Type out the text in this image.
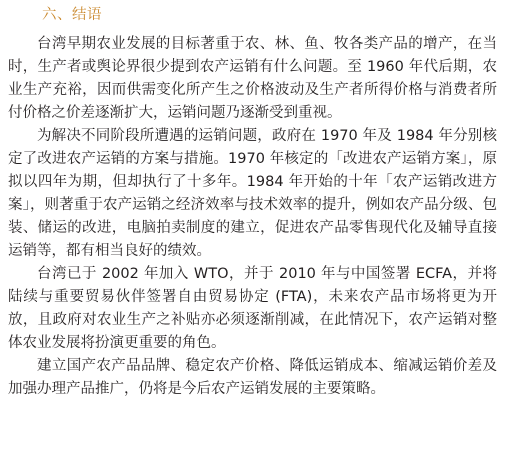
六、结语

台湾早期农业发展的目标著重于农、林、鱼、牧各类产品的增产，在当时，生产者或舆论界很少提到农产运销有什么问题。至 1960 年代后期，农业生产充裕，因而供需变化所产生之价格波动及生产者所得价格与消费者所付价格之价差逐渐扩大，运销问题乃逐渐受到重视。

为解决不同阶段所遭遇的运销问题，政府在 1970 年及 1984 年分别核定了改进农产运销的方案与措施。1970 年核定的「改进农产运销方案」，原拟以四年为期，但却执行了十多年。1984 年开始的十年「农产运销改进方案」，则著重于农产运销之经济效率与技术效率的提升，例如农产品分级、包装、储运的改进，电脑拍卖制度的建立，促进农产品零售现代化及辅导直接运销等，都有相当良好的绩效。

台湾已于 2002 年加入 WTO，并于 2010 年与中国签署 ECFA，并将陆续与重要贸易伙伴签署自由贸易协定 (FTA)，未来农产品市场将更为开放，且政府对农业生产之补贴亦必须逐渐削减，在此情况下，农产运销对整体农业发展将扮演更重要的角色。

建立国产农产品品牌、稳定农产价格、降低运销成本、缩减运销价差及加强办理产品推广，仍将是今后农产运销发展的主要策略。
